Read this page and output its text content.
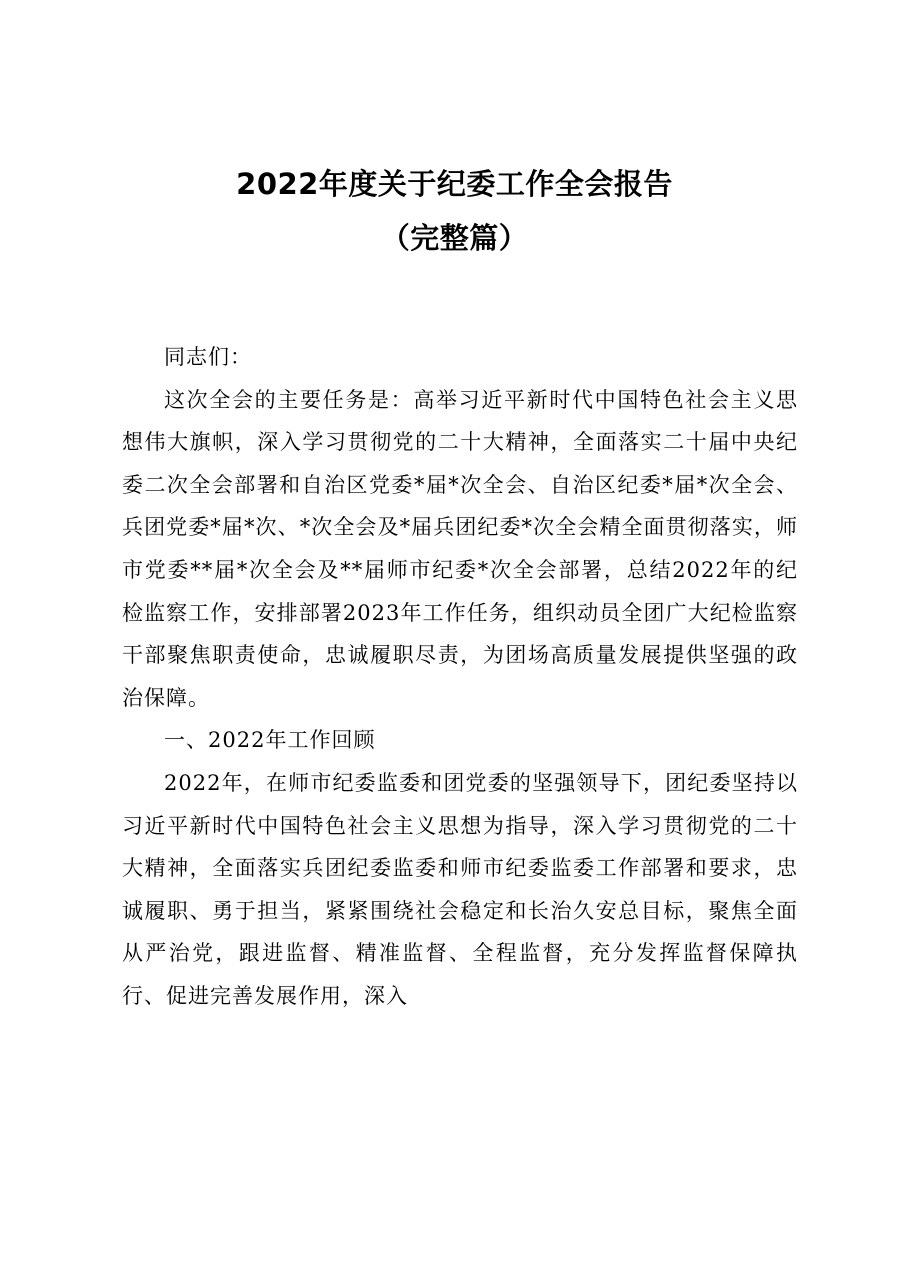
2022年度关于纪委工作全会报告
（完整篇）

同志们：

这次全会的主要任务是：高举习近平新时代中国特色社会主义思想伟大旗帜，深入学习贯彻党的二十大精神，全面落实二十届中央纪委二次全会部署和自治区党委*届*次全会、自治区纪委*届*次全会、兵团党委*届*次、*次全会及*届兵团纪委*次全会精全面贯彻落实，师市党委**届*次全会及**届师市纪委*次全会部署，总结2022年的纪检监察工作，安排部署2023年工作任务，组织动员全团广大纪检监察干部聚焦职责使命，忠诚履职尽责，为团场高质量发展提供坚强的政治保障。

一、2022年工作回顾

2022年，在师市纪委监委和团党委的坚强领导下，团纪委坚持以习近平新时代中国特色社会主义思想为指导，深入学习贯彻党的二十大精神，全面落实兵团纪委监委和师市纪委监委工作部署和要求，忠诚履职、勇于担当，紧紧围绕社会稳定和长治久安总目标，聚焦全面从严治党，跟进监督、精准监督、全程监督，充分发挥监督保障执行、促进完善发展作用，深入
